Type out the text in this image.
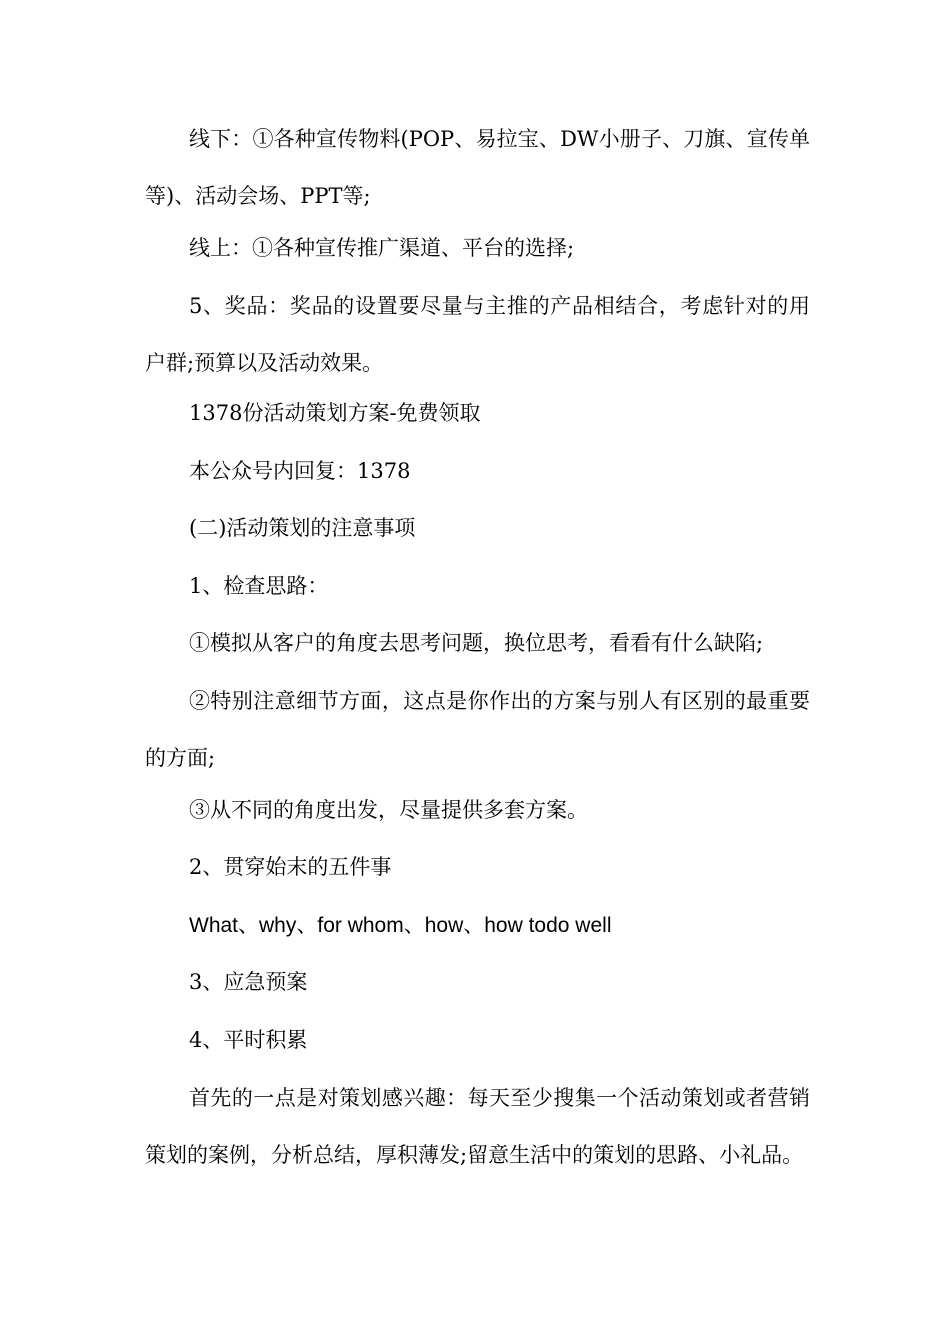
线下：①各种宣传物料(POP、易拉宝、DW小册子、刀旗、宣传单等)、活动会场、PPT等;

线上：①各种宣传推广渠道、平台的选择;

5、奖品：奖品的设置要尽量与主推的产品相结合，考虑针对的用户群;预算以及活动效果。

1378份活动策划方案-免费领取

本公众号内回复：1378

(二)活动策划的注意事项

1、检查思路：

①模拟从客户的角度去思考问题，换位思考，看看有什么缺陷;

②特别注意细节方面，这点是你作出的方案与别人有区别的最重要的方面;

③从不同的角度出发，尽量提供多套方案。

2、贯穿始末的五件事

What、why、for whom、how、how todo well

3、应急预案

4、平时积累

首先的一点是对策划感兴趣：每天至少搜集一个活动策划或者营销策划的案例，分析总结，厚积薄发;留意生活中的策划的思路、小礼品。
